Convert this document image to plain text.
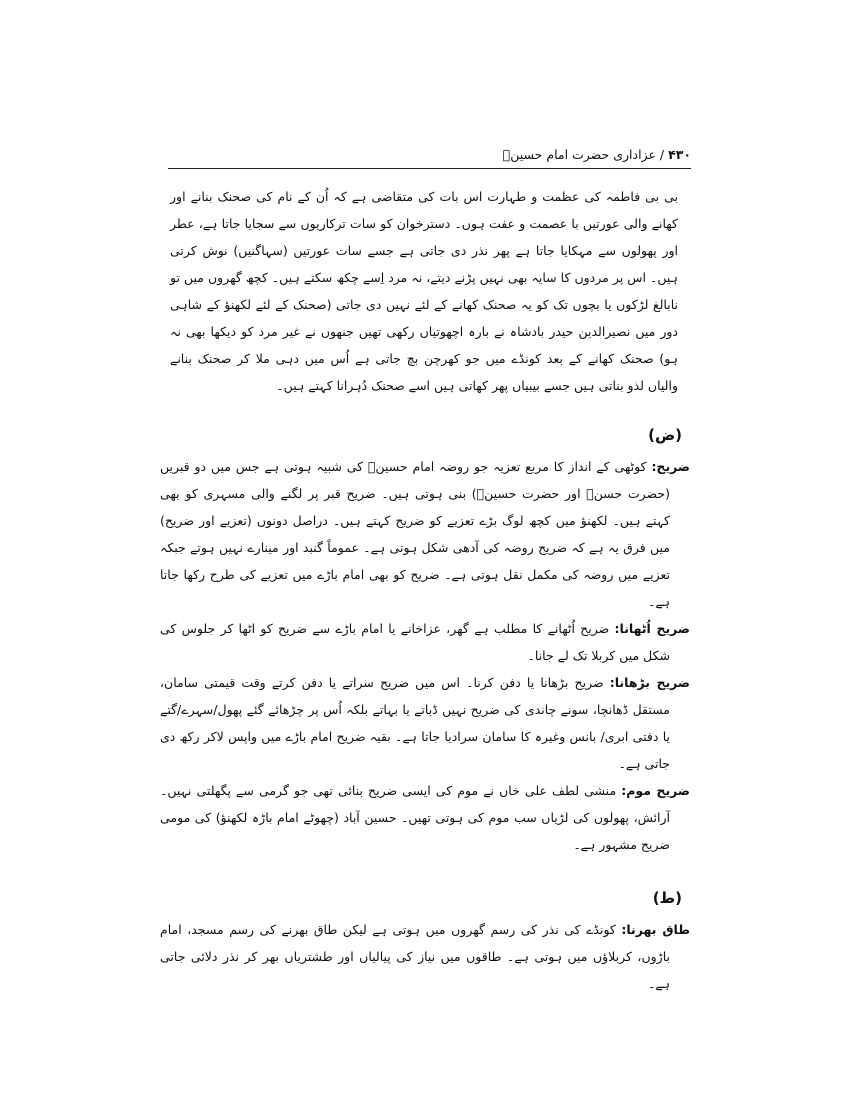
۴۳۰ / عزاداری حضرت امام حسینؑ

بی بی فاطمہ کی عظمت و طہارت اس بات کی متقاضی ہے کہ اُن کے نام کی صحنک بنانے اور کھانے والی عورتیں با عصمت و عفت ہوں۔ دسترخوان کو سات ترکاریوں سے سجایا جاتا ہے، عطر اور پھولوں سے مہکایا جاتا ہے پھر نذر دی جاتی ہے جسے سات عورتیں (سہاگنیں) نوش کرتی ہیں۔ اس پر مردوں کا سایہ بھی نہیں پڑنے دیتے، نہ مرد اِسے چکھ سکتے ہیں۔ کچھ گھروں میں تو نابالغ لڑکوں یا بچوں تک کو یہ صحنک کھانے کے لئے نہیں دی جاتی (صحنک کے لئے لکھنؤ کے شاہی دور میں نصیرالدین حیدر بادشاہ نے بارہ اچھوتیاں رکھی تھیں جنھوں نے غیر مرد کو دیکھا بھی نہ ہو) صحنک کھانے کے بعد کونڈے میں جو کھرچن بچ جاتی ہے اُس میں دہی ملا کر صحنک بنانے والیاں لذو بناتی ہیں جسے بیبیاں پھر کھاتی ہیں اسے صحنک دُہرانا کہتے ہیں۔

(ض)

ضریح: کوٹھی کے انداز کا مربع تعزیہ جو روضہ امام حسینؑ کی شبیہ ہوتی ہے جس میں دو قبریں (حضرت حسنؑ اور حضرت حسینؑ) بنی ہوتی ہیں۔ ضریح قبر پر لگنے والی مسہری کو بھی کہتے ہیں۔ لکھنؤ میں کچھ لوگ بڑے تعزیے کو ضریح کہتے ہیں۔ دراصل دونوں (تعزیے اور ضریح) میں فرق یہ ہے کہ ضریح روضہ کی آدھی شکل ہوتی ہے۔ عموماً گنبد اور مینارے نہیں ہوتے جبکہ تعزیے میں روضہ کی مکمل نقل ہوتی ہے۔ ضریح کو بھی امام باڑے میں تعزیے کی طرح رکھا جاتا ہے۔

ضریح اُٹھانا: ضریح اُٹھانے کا مطلب ہے گھر، عزاخانے یا امام باڑے سے ضریح کو اٹھا کر جلوس کی شکل میں کربلا تک لے جانا۔

ضریح بڑھانا: ضریح بڑھانا یا دفن کرنا۔ اس میں ضریح سراتے یا دفن کرتے وقت قیمتی سامان، مستقل ڈھانچا، سونے چاندی کی ضریح نہیں ڈباتے یا بہاتے بلکہ اُس پر چڑھائے گئے پھول/سہرے/گتے یا دفتی ابری/ بانس وغیرہ کا سامان سرادیا جاتا ہے۔ بقیہ ضریح امام باڑے میں واپس لاکر رکھ دی جاتی ہے۔

ضریح موم: منشی لطف علی خاں نے موم کی ایسی ضریح بنائی تھی جو گرمی سے پگھلتی نہیں۔ آرائش، پھولوں کی لڑیاں سب موم کی ہوتی تھیں۔ حسین آباد (چھوٹے امام باڑہ لکھنؤ) کی مومی ضریح مشہور ہے۔

(ط)

طاق بھرنا: کونڈے کی نذر کی رسم گھروں میں ہوتی ہے لیکن طاق بھرنے کی رسم مسجد، امام باڑوں، کربلاؤں میں ہوتی ہے۔ طاقوں میں نیاز کی پیالیاں اور طشتریاں بھر کر نذر دلائی جاتی ہے۔
